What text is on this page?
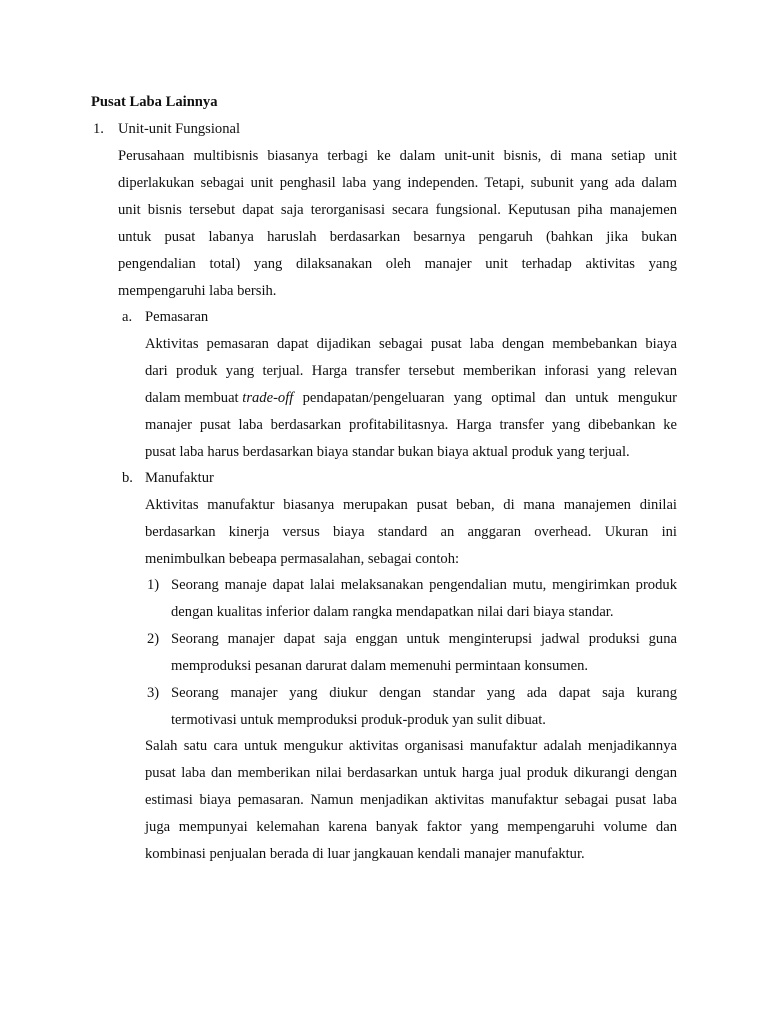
Pusat Laba Lainnya
1. Unit-unit Fungsional
Perusahaan multibisnis biasanya terbagi ke dalam unit-unit bisnis, di mana setiap unit
diperlakukan sebagai unit penghasil laba yang independen. Tetapi, subunit yang ada dalam
unit bisnis tersebut dapat saja terorganisasi secara fungsional. Keputusan piha manajemen
untuk pusat labanya haruslah berdasarkan besarnya pengaruh (bahkan jika bukan
pengendalian total) yang dilaksanakan oleh manajer unit terhadap aktivitas yang
mempengaruhi laba bersih.
a. Pemasaran
Aktivitas pemasaran dapat dijadikan sebagai pusat laba dengan membebankan biaya
dari produk yang terjual. Harga transfer tersebut memberikan inforasi yang relevan
dalam membuat trade-off pendapatan/pengeluaran yang optimal dan untuk mengukur
manajer pusat laba berdasarkan profitabilitasnya. Harga transfer yang dibebankan ke
pusat laba harus berdasarkan biaya standar bukan biaya aktual produk yang terjual.
b. Manufaktur
Aktivitas manufaktur biasanya merupakan pusat beban, di mana manajemen dinilai
berdasarkan kinerja versus biaya standard an anggaran overhead. Ukuran ini
menimbulkan bebeapa permasalahan, sebagai contoh:
1) Seorang manaje dapat lalai melaksanakan pengendalian mutu, mengirimkan produk
dengan kualitas inferior dalam rangka mendapatkan nilai dari biaya standar.
2) Seorang manajer dapat saja enggan untuk menginterupsi jadwal produksi guna
memproduksi pesanan darurat dalam memenuhi permintaan konsumen.
3) Seorang manajer yang diukur dengan standar yang ada dapat saja kurang
termotivasi untuk memproduksi produk-produk yan sulit dibuat.
Salah satu cara untuk mengukur aktivitas organisasi manufaktur adalah menjadikannya
pusat laba dan memberikan nilai berdasarkan untuk harga jual produk dikurangi dengan
estimasi biaya pemasaran. Namun menjadikan aktivitas manufaktur sebagai pusat laba
juga mempunyai kelemahan karena banyak faktor yang mempengaruhi volume dan
kombinasi penjualan berada di luar jangkauan kendali manajer manufaktur.
